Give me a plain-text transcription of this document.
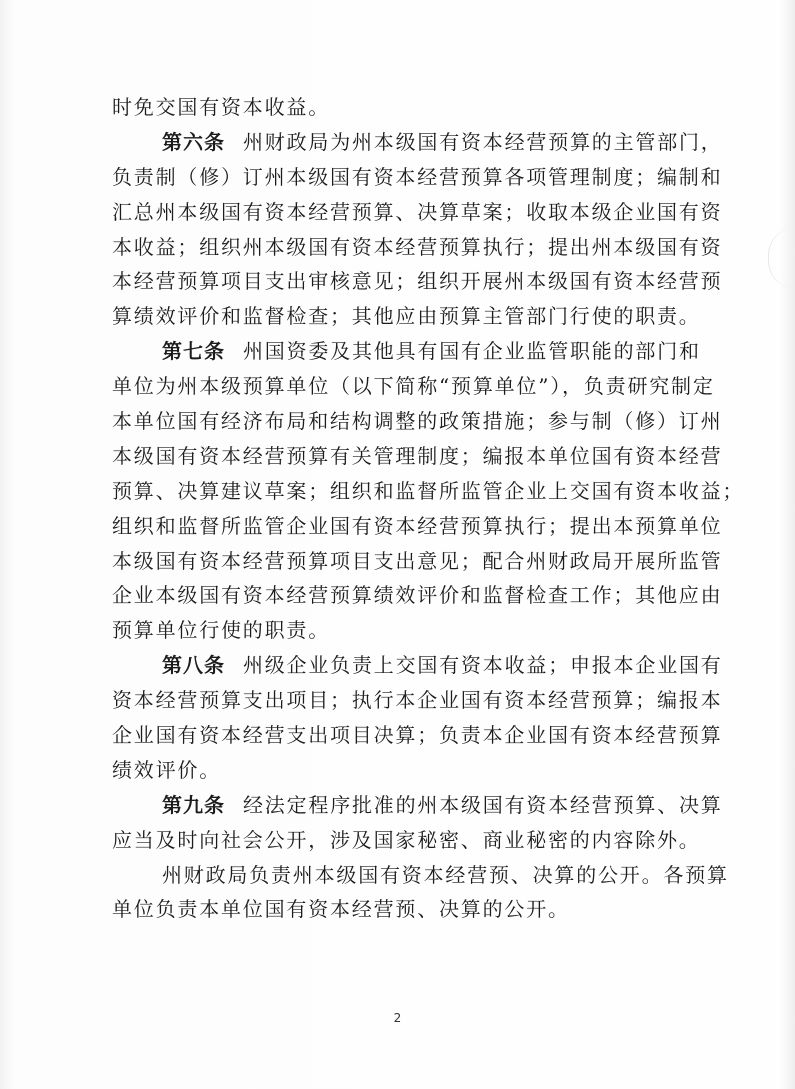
时免交国有资本收益。
第六条 州财政局为州本级国有资本经营预算的主管部门，
负责制（修）订州本级国有资本经营预算各项管理制度；编制和
汇总州本级国有资本经营预算、决算草案；收取本级企业国有资
本收益；组织州本级国有资本经营预算执行；提出州本级国有资
本经营预算项目支出审核意见；组织开展州本级国有资本经营预
算绩效评价和监督检查；其他应由预算主管部门行使的职责。
第七条 州国资委及其他具有国有企业监管职能的部门和
单位为州本级预算单位（以下简称“预算单位”），负责研究制定
本单位国有经济布局和结构调整的政策措施；参与制（修）订州
本级国有资本经营预算有关管理制度；编报本单位国有资本经营
预算、决算建议草案；组织和监督所监管企业上交国有资本收益；
组织和监督所监管企业国有资本经营预算执行；提出本预算单位
本级国有资本经营预算项目支出意见；配合州财政局开展所监管
企业本级国有资本经营预算绩效评价和监督检查工作；其他应由
预算单位行使的职责。
第八条 州级企业负责上交国有资本收益；申报本企业国有
资本经营预算支出项目；执行本企业国有资本经营预算；编报本
企业国有资本经营支出项目决算；负责本企业国有资本经营预算
绩效评价。
第九条 经法定程序批准的州本级国有资本经营预算、决算
应当及时向社会公开，涉及国家秘密、商业秘密的内容除外。
州财政局负责州本级国有资本经营预、决算的公开。各预算
单位负责本单位国有资本经营预、决算的公开。
2
